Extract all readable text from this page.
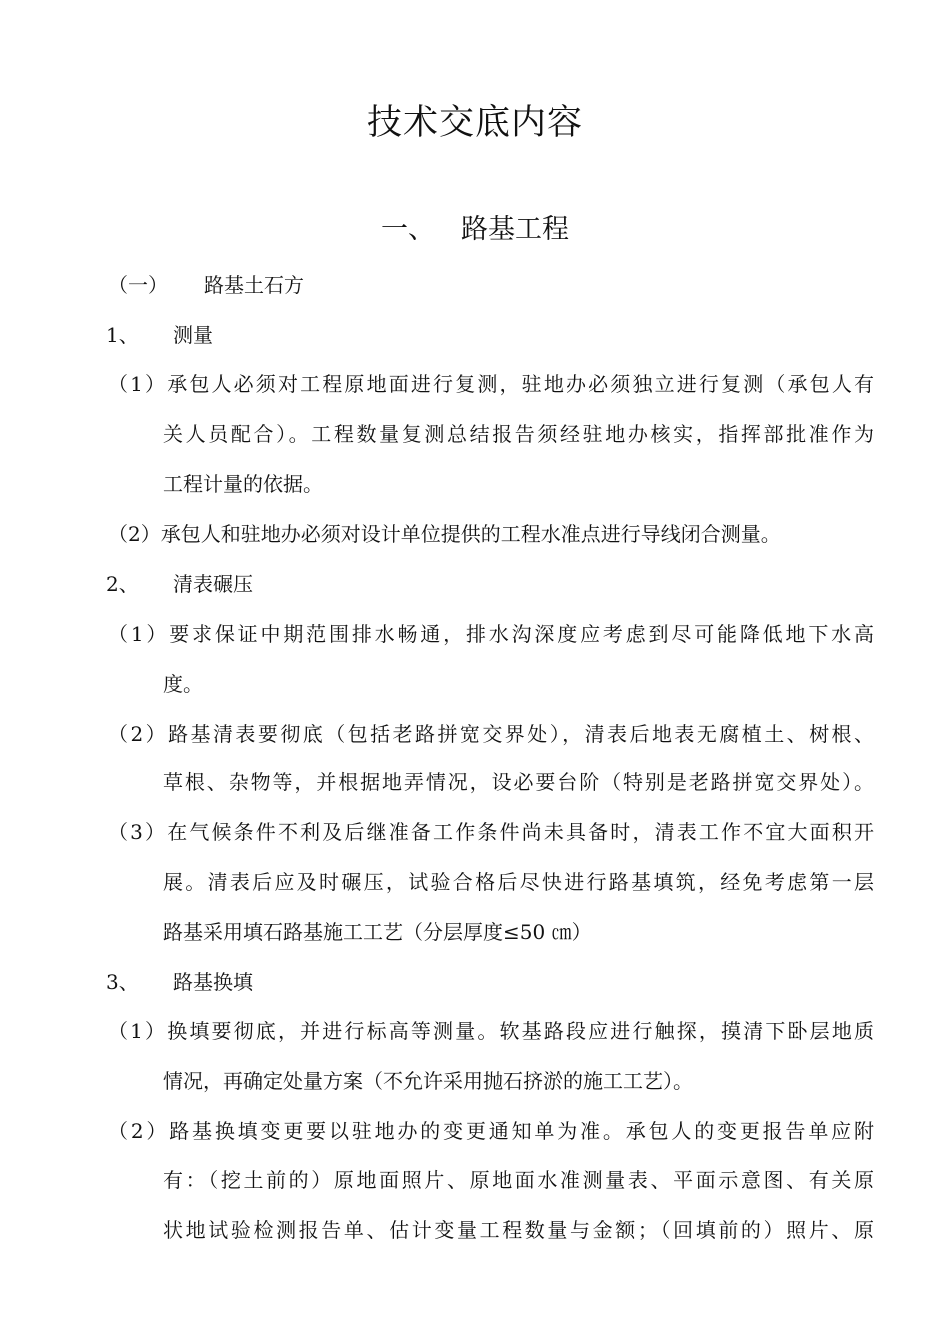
技术交底内容
一、 路基工程
（一） 路基土石方
1、 测量
（1）承包人必须对工程原地面进行复测，驻地办必须独立进行复测（承包人有
关人员配合）。工程数量复测总结报告须经驻地办核实，指挥部批准作为
工程计量的依据。
（2）承包人和驻地办必须对设计单位提供的工程水准点进行导线闭合测量。
2、 清表碾压
（1）要求保证中期范围排水畅通，排水沟深度应考虑到尽可能降低地下水高
度。
（2）路基清表要彻底（包括老路拼宽交界处），清表后地表无腐植土、树根、
草根、杂物等，并根据地弄情况，设必要台阶（特别是老路拼宽交界处）。
（3）在气候条件不利及后继准备工作条件尚未具备时，清表工作不宜大面积开
展。清表后应及时碾压，试验合格后尽快进行路基填筑，经免考虑第一层
路基采用填石路基施工工艺（分层厚度≤50 ㎝）
3、 路基换填
（1）换填要彻底，并进行标高等测量。软基路段应进行触探，摸清下卧层地质
情况，再确定处量方案（不允许采用抛石挤淤的施工工艺）。
（2）路基换填变更要以驻地办的变更通知单为准。承包人的变更报告单应附
有：（挖土前的）原地面照片、原地面水准测量表、平面示意图、有关原
状地试验检测报告单、估计变量工程数量与金额；（回填前的）照片、原
